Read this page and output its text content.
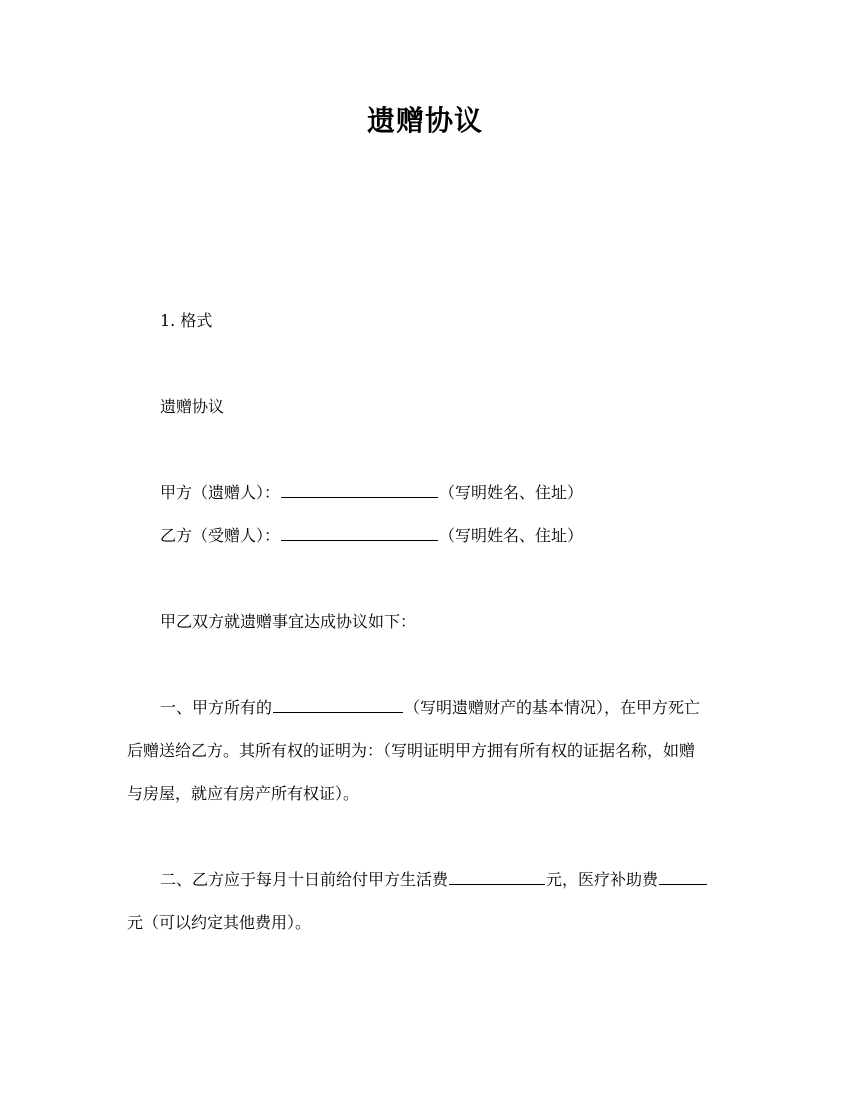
遗赠协议
1. 格式
遗赠协议
甲方（遗赠人）：	（写明姓名、住址）
乙方（受赠人）：	（写明姓名、住址）
甲乙双方就遗赠事宜达成协议如下：
一、甲方所有的	（写明遗赠财产的基本情况），在甲方死亡
后赠送给乙方。其所有权的证明为：（写明证明甲方拥有所有权的证据名称，如赠
与房屋，就应有房产所有权证）。
二、乙方应于每月十日前给付甲方生活费	元，医疗补助费
元（可以约定其他费用）。
